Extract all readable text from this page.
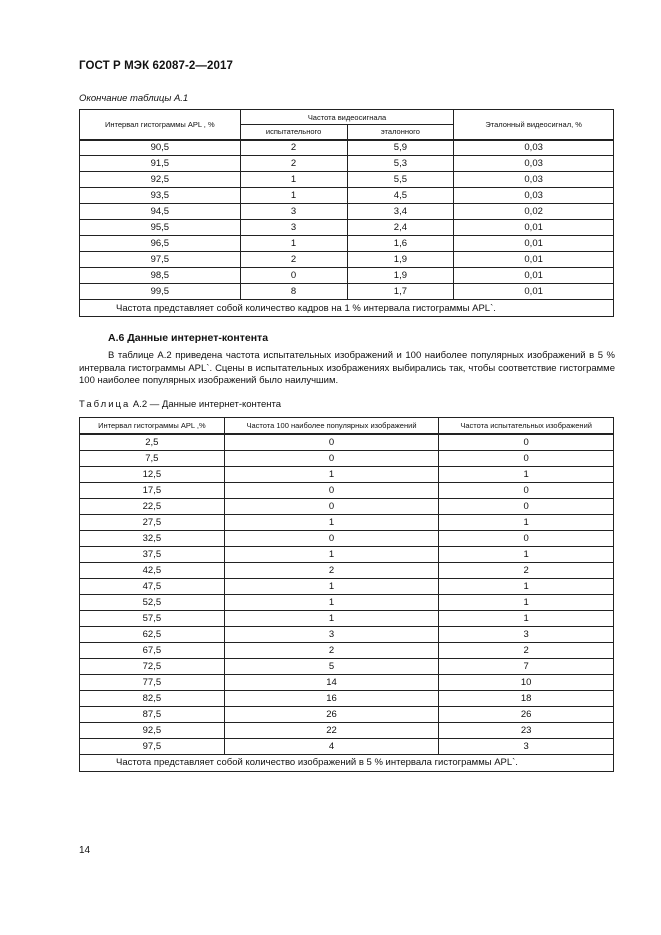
ГОСТ Р МЭК 62087-2—2017
Окончание таблицы А.1
Интервал гистограммы APL , %	Частота видеосигнала		Эталонный видеосигнал, %
	испытательного	эталонного	
90,5	2	5,9	0,03
91,5	2	5,3	0,03
92,5	1	5,5	0,03
93,5	1	4,5	0,03
94,5	3	3,4	0,02
95,5	3	2,4	0,01
96,5	1	1,6	0,01
97,5	2	1,9	0,01
98,5	0	1,9	0,01
99,5	8	1,7	0,01
Частота представляет собой количество кадров на 1 % интервала гистограммы APL`.			
А.6 Данные интернет-контента
В таблице А.2 приведена частота испытательных изображений и 100 наиболее популярных изображений в 5 % интервала гистограммы APL`. Сцены в испытательных изображениях выбирались так, чтобы соответствие гистограмме 100 наиболее популярных изображений было наилучшим.
Таблица А.2 — Данные интернет-контента
Интервал гистограммы APL ,%	Частота 100 наиболее популярных изображений	Частота испытательных изображений
2,5	0	0
7,5	0	0
12,5	1	1
17,5	0	0
22,5	0	0
27,5	1	1
32,5	0	0
37,5	1	1
42,5	2	2
47,5	1	1
52,5	1	1
57,5	1	1
62,5	3	3
67,5	2	2
72,5	5	7
77,5	14	10
82,5	16	18
87,5	26	26
92,5	22	23
97,5	4	3
Частота представляет собой количество изображений в 5 % интервала гистограммы APL`.		
14
